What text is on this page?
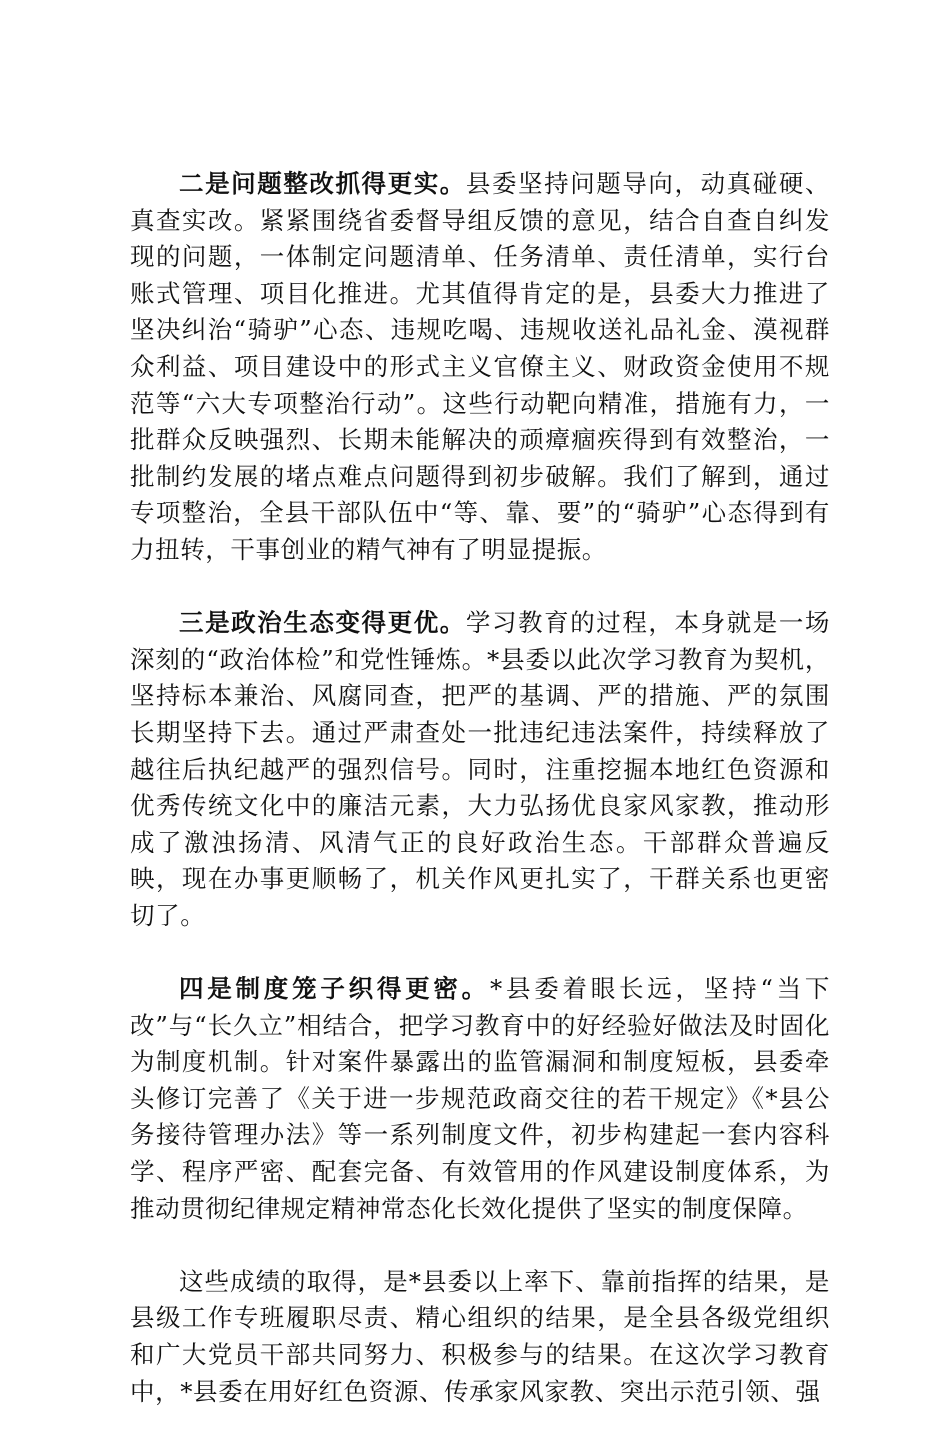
二是问题整改抓得更实。县委坚持问题导向，动真碰硬、真查实改。紧紧围绕省委督导组反馈的意见，结合自查自纠发现的问题，一体制定问题清单、任务清单、责任清单，实行台账式管理、项目化推进。尤其值得肯定的是，县委大力推进了坚决纠治“骑驴”心态、违规吃喝、违规收送礼品礼金、漠视群众利益、项目建设中的形式主义官僚主义、财政资金使用不规范等“六大专项整治行动”。这些行动靶向精准，措施有力，一批群众反映强烈、长期未能解决的顽瘴痼疾得到有效整治，一批制约发展的堵点难点问题得到初步破解。我们了解到，通过专项整治，全县干部队伍中“等、靠、要”的“骑驴”心态得到有力扭转，干事创业的精气神有了明显提振。

三是政治生态变得更优。学习教育的过程，本身就是一场深刻的“政治体检”和党性锤炼。*县委以此次学习教育为契机，坚持标本兼治、风腐同查，把严的基调、严的措施、严的氛围长期坚持下去。通过严肃查处一批违纪违法案件，持续释放了越往后执纪越严的强烈信号。同时，注重挖掘本地红色资源和优秀传统文化中的廉洁元素，大力弘扬优良家风家教，推动形成了激浊扬清、风清气正的良好政治生态。干部群众普遍反映，现在办事更顺畅了，机关作风更扎实了，干群关系也更密切了。

四是制度笼子织得更密。*县委着眼长远，坚持“当下改”与“长久立”相结合，把学习教育中的好经验好做法及时固化为制度机制。针对案件暴露出的监管漏洞和制度短板，县委牵头修订完善了《关于进一步规范政商交往的若干规定》《*县公务接待管理办法》等一系列制度文件，初步构建起一套内容科学、程序严密、配套完备、有效管用的作风建设制度体系，为推动贯彻纪律规定精神常态化长效化提供了坚实的制度保障。

这些成绩的取得，是*县委以上率下、靠前指挥的结果，是县级工作专班履职尽责、精心组织的结果，是全县各级党组织和广大党员干部共同努力、积极参与的结果。在这次学习教育中，*县委在用好红色资源、传承家风家教、突出示范引领、强
